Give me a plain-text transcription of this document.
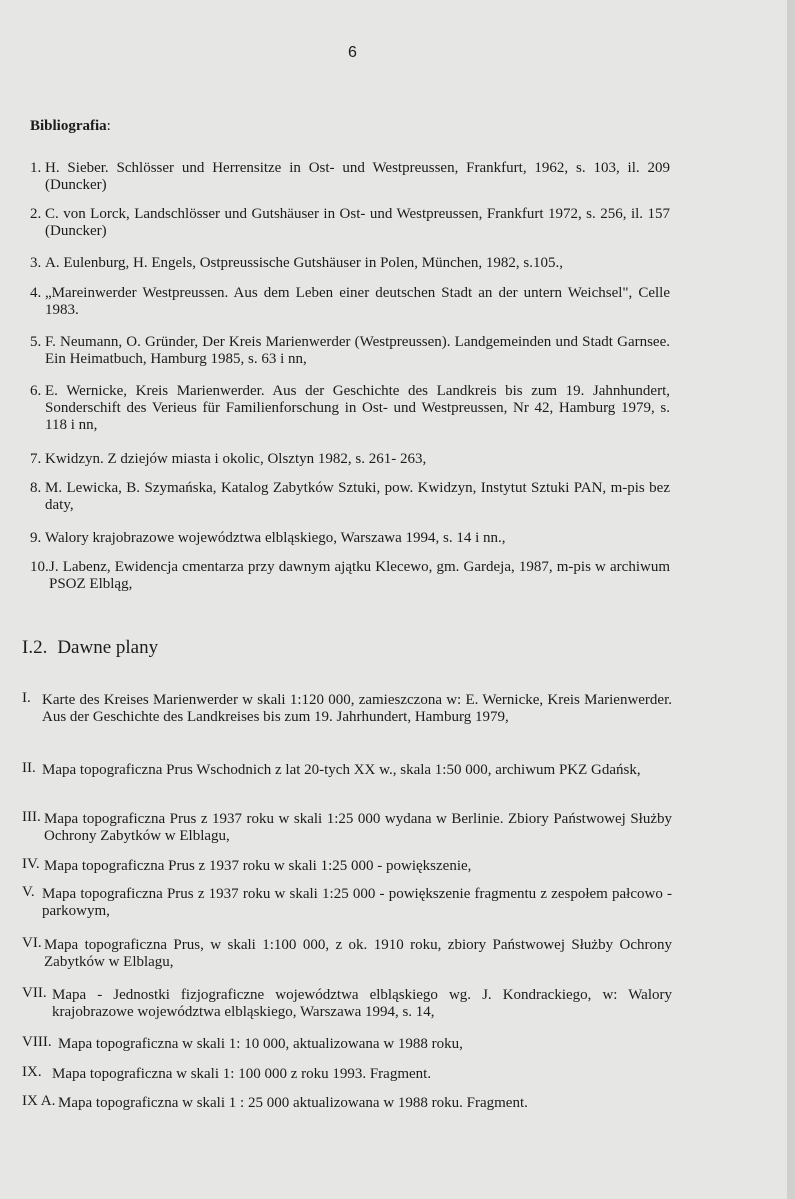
6
Bibliografia:
1. H. Sieber. Schlösser und Herrensitze in Ost- und Westpreussen, Frankfurt, 1962, s. 103, il. 209 (Duncker)
2. C. von Lorck, Landschlösser und Gutshäuser in Ost- und Westpreussen, Frankfurt 1972, s. 256, il. 157 (Duncker)
3. A. Eulenburg, H. Engels, Ostpreussische Gutshäuser in Polen, München, 1982, s.105.,
4. „Mareinwerder Westpreussen. Aus dem Leben einer deutschen Stadt an der untern Weichsel", Celle 1983.
5. F. Neumann, O. Gründer, Der Kreis Marienwerder (Westpreussen). Landgemeinden und Stadt Garnsee. Ein Heimatbuch, Hamburg 1985, s. 63 i nn,
6. E. Wernicke, Kreis Marienwerder. Aus der Geschichte des Landkreis bis zum 19. Jahnhundert, Sonderschift des Verieus für Familienforschung in Ost- und Westpreussen, Nr 42, Hamburg 1979, s. 118 i nn,
7. Kwidzyn. Z dziejów miasta i okolic, Olsztyn 1982, s. 261- 263,
8. M. Lewicka, B. Szymańska, Katalog Zabytków Sztuki, pow. Kwidzyn, Instytut Sztuki PAN, m-pis bez daty,
9. Walory krajobrazowe województwa elbląskiego, Warszawa 1994, s. 14 i nn.,
10. J. Labenz, Ewidencja cmentarza przy dawnym ajątku Klecewo, gm. Gardeja, 1987, m-pis w archiwum PSOZ Elbląg,
I.2. Dawne plany
I. Karte des Kreises Marienwerder w skali 1:120 000, zamieszczona w: E. Wernicke, Kreis Marienwerder. Aus der Geschichte des Landkreises bis zum 19. Jahrhundert, Hamburg 1979,
II. Mapa topograficzna Prus Wschodnich z lat 20-tych XX w., skala 1:50 000, archiwum PKZ Gdańsk,
III. Mapa topograficzna Prus z 1937 roku w skali 1:25 000 wydana w Berlinie. Zbiory Państwowej Służby Ochrony Zabytków w Elblagu,
IV. Mapa topograficzna Prus z 1937 roku w skali 1:25 000 - powiększenie,
V. Mapa topograficzna Prus z 1937 roku w skali 1:25 000 - powiększenie fragmentu z zespołem pałcowo - parkowym,
VI. Mapa topograficzna Prus, w skali 1:100 000, z ok. 1910 roku, zbiory Państwowej Służby Ochrony Zabytków w Elblagu,
VII. Mapa - Jednostki fizjograficzne województwa elbląskiego wg. J. Kondrackiego, w: Walory krajobrazowe województwa elbląskiego, Warszawa 1994, s. 14,
VIII. Mapa topograficzna w skali 1: 10 000, aktualizowana w 1988 roku,
IX. Mapa topograficzna w skali 1: 100 000 z roku 1993. Fragment.
IX A. Mapa topograficzna w skali 1 : 25 000 aktualizowana w 1988 roku. Fragment.
